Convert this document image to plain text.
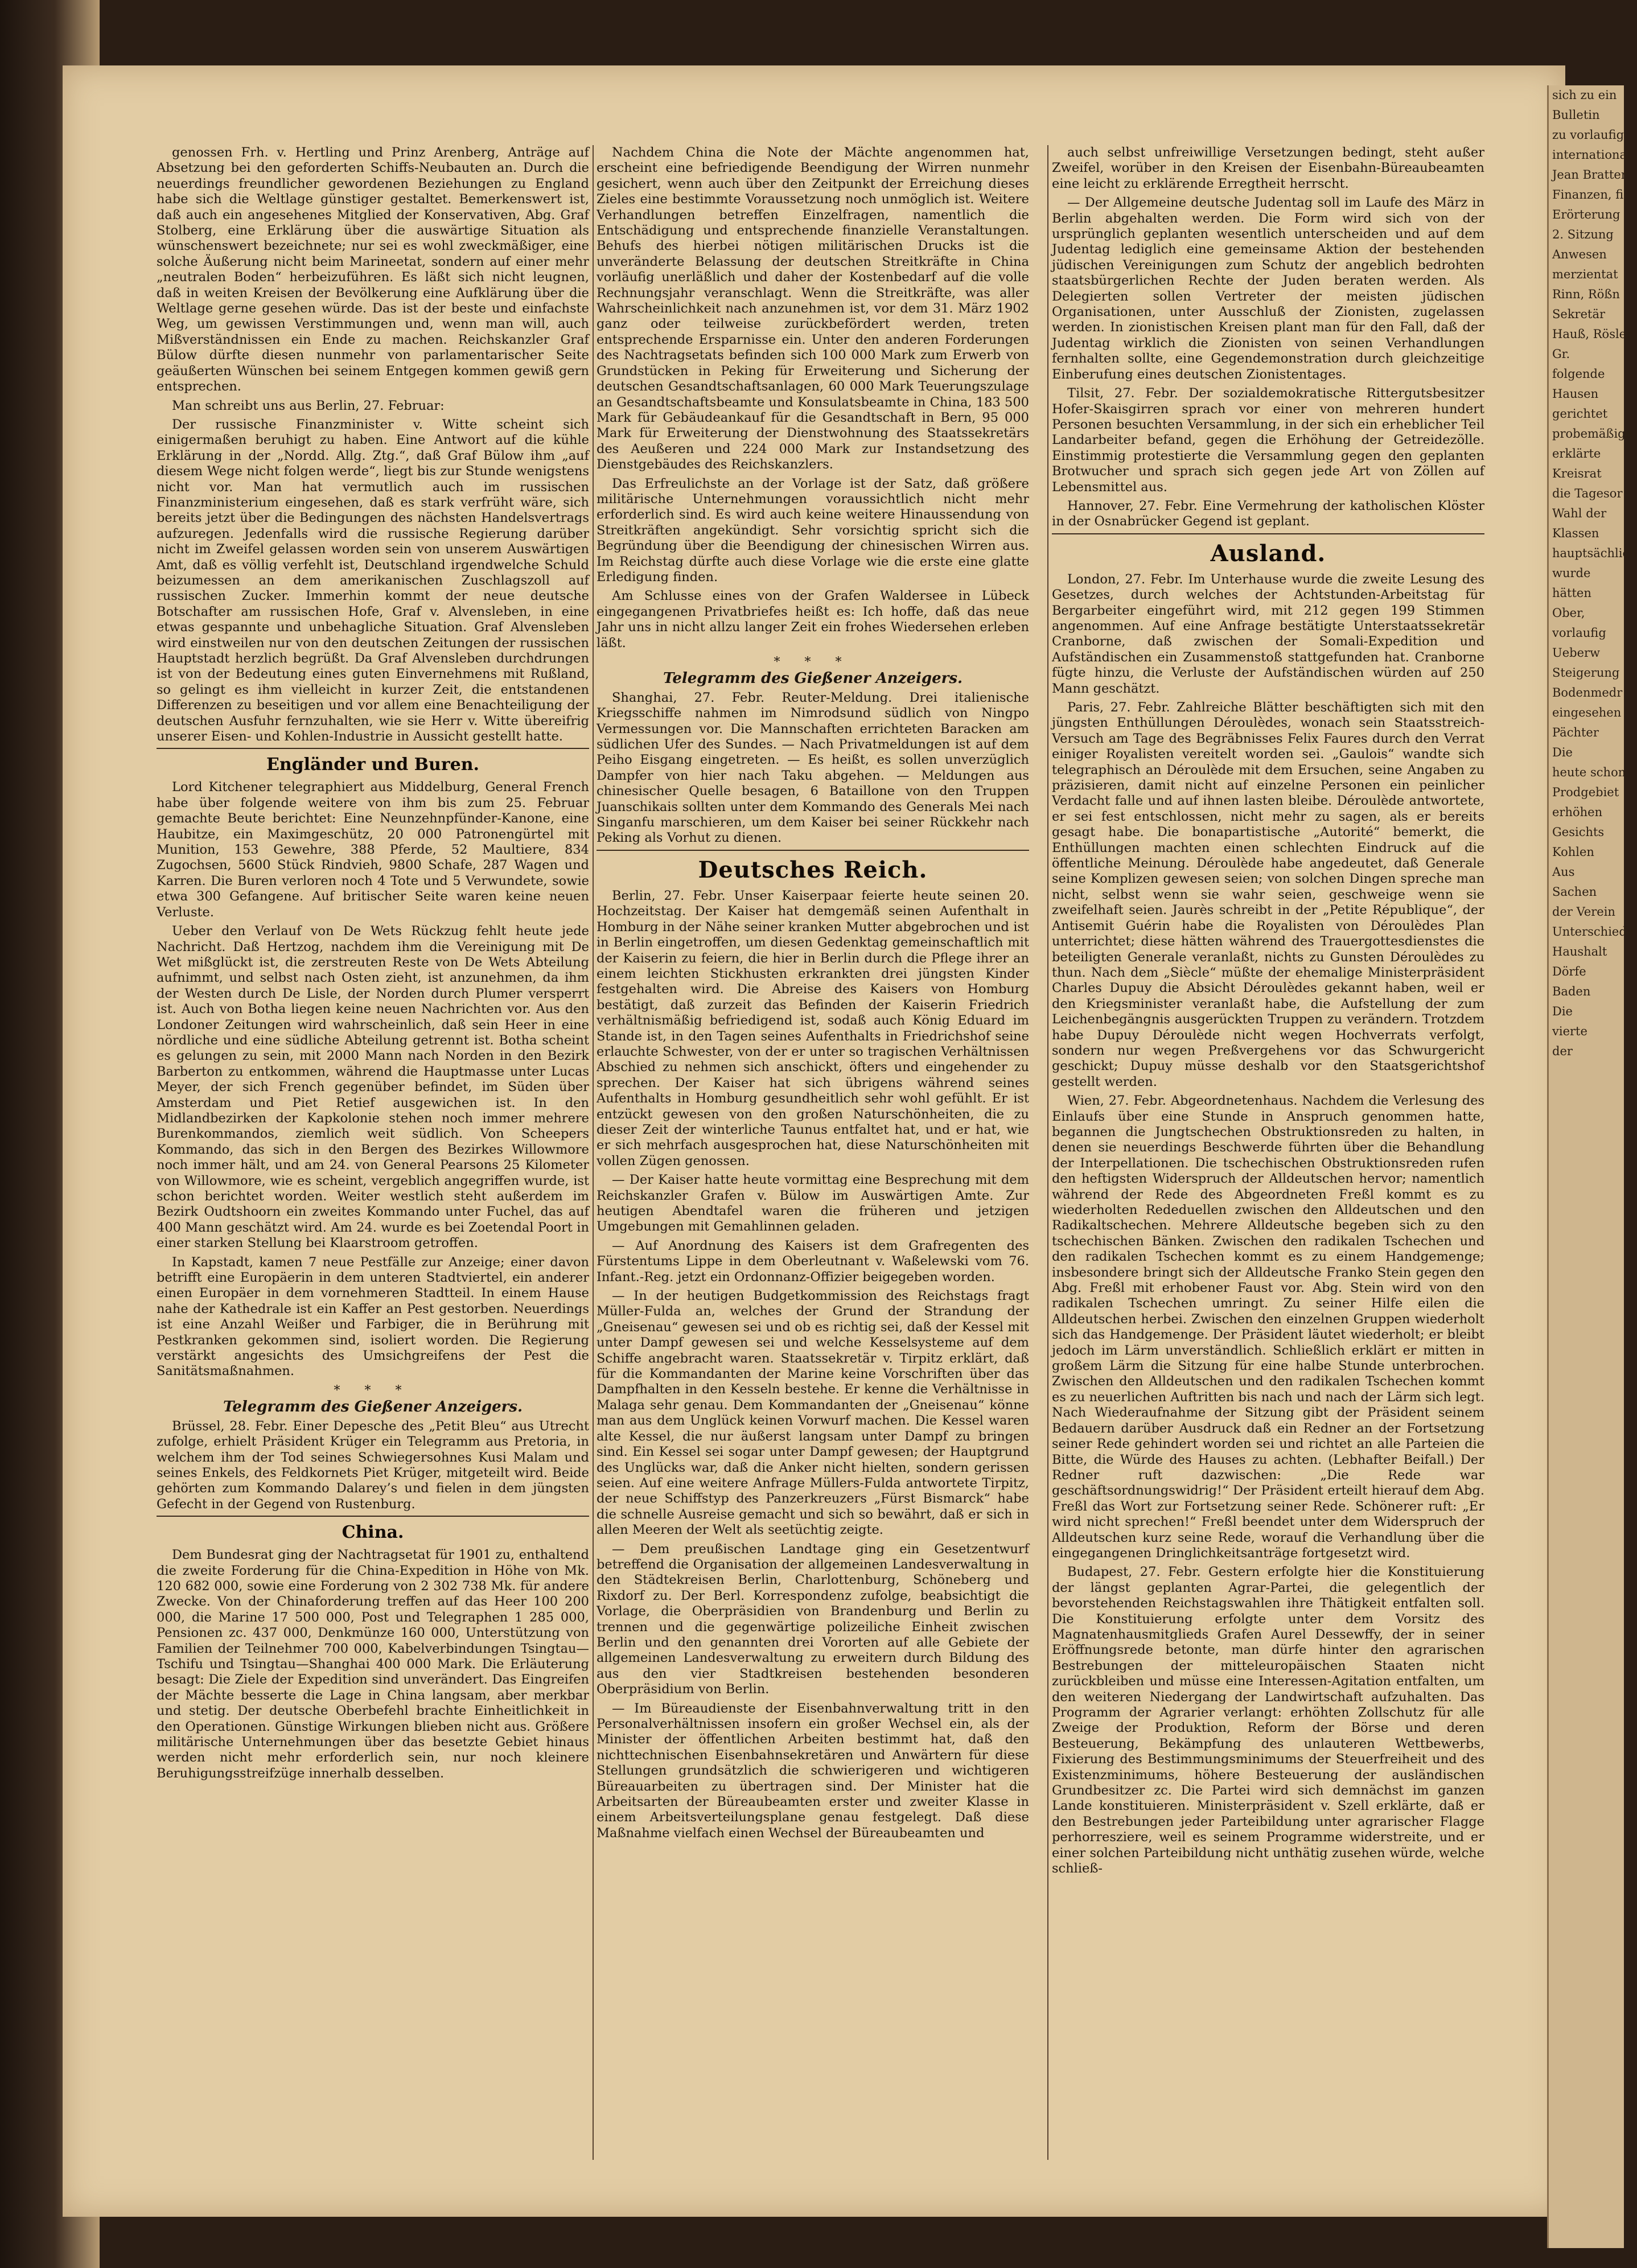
genossen Frh. v. Hertling und Prinz Arenberg, Anträge auf Absetzung bei den geforderten Schiffs-Neubauten an. Durch die neuerdings freundlicher gewordenen Beziehungen zu England habe sich die Weltlage günstiger gestaltet. Bemerkenswert ist, daß auch ein angesehenes Mitglied der Konservativen, Abg. Graf Stolberg, eine Erklärung über die auswärtige Situation als wünschenswert bezeichnete; nur sei es wohl zweckmäßiger, eine solche Äußerung nicht beim Marineetat, sondern auf einer mehr „neutralen Boden“ herbeizuführen. Es läßt sich nicht leugnen, daß in weiten Kreisen der Bevölkerung eine Aufklärung über die Weltlage gerne gesehen würde. Das ist der beste und einfachste Weg, um gewissen Verstimmungen und, wenn man will, auch Mißverständnissen ein Ende zu machen. Reichskanzler Graf Bülow dürfte diesen nunmehr von parlamentarischer Seite geäußerten Wünschen bei seinem Entgegen kommen gewiß gern entsprechen.

Man schreibt uns aus Berlin, 27. Februar:

Der russische Finanzminister v. Witte scheint sich einigermaßen beruhigt zu haben. Eine Antwort auf die kühle Erklärung in der „Nordd. Allg. Ztg.“, daß Graf Bülow ihm „auf diesem Wege nicht folgen werde“, liegt bis zur Stunde wenigstens nicht vor. Man hat vermutlich auch im russischen Finanzministerium eingesehen, daß es stark verfrüht wäre, sich bereits jetzt über die Bedingungen des nächsten Handelsvertrags aufzuregen. Jedenfalls wird die russische Regierung darüber nicht im Zweifel gelassen worden sein von unserem Auswärtigen Amt, daß es völlig verfehlt ist, Deutschland irgendwelche Schuld beizumessen an dem amerikanischen Zuschlagszoll auf russischen Zucker. Immerhin kommt der neue deutsche Botschafter am russischen Hofe, Graf v. Alvensleben, in eine etwas gespannte und unbehagliche Situation. Graf Alvensleben wird einstweilen nur von den deutschen Zeitungen der russischen Hauptstadt herzlich begrüßt. Da Graf Alvensleben durchdrungen ist von der Bedeutung eines guten Einvernehmens mit Rußland, so gelingt es ihm vielleicht in kurzer Zeit, die entstandenen Differenzen zu beseitigen und vor allem eine Benachteiligung der deutschen Ausfuhr fernzuhalten, wie sie Herr v. Witte übereifrig unserer Eisen- und Kohlen-Industrie in Aussicht gestellt hatte.

Engländer und Buren.

Lord Kitchener telegraphiert aus Middelburg, General French habe über folgende weitere von ihm bis zum 25. Februar gemachte Beute berichtet: Eine Neunzehnpfünder-Kanone, eine Haubitze, ein Maximgeschütz, 20 000 Patronengürtel mit Munition, 153 Gewehre, 388 Pferde, 52 Maultiere, 834 Zugochsen, 5600 Stück Rindvieh, 9800 Schafe, 287 Wagen und Karren. Die Buren verloren noch 4 Tote und 5 Verwundete, sowie etwa 300 Gefangene. Auf britischer Seite waren keine neuen Verluste.

Ueber den Verlauf von De Wets Rückzug fehlt heute jede Nachricht. Daß Hertzog, nachdem ihm die Vereinigung mit De Wet mißglückt ist, die zerstreuten Reste von De Wets Abteilung aufnimmt, und selbst nach Osten zieht, ist anzunehmen, da ihm der Westen durch De Lisle, der Norden durch Plumer versperrt ist. Auch von Botha liegen keine neuen Nachrichten vor. Aus den Londoner Zeitungen wird wahrscheinlich, daß sein Heer in eine nördliche und eine südliche Abteilung getrennt ist. Botha scheint es gelungen zu sein, mit 2000 Mann nach Norden in den Bezirk Barberton zu entkommen, während die Hauptmasse unter Lucas Meyer, der sich French gegenüber befindet, im Süden über Amsterdam und Piet Retief ausgewichen ist. In den Midlandbezirken der Kapkolonie stehen noch immer mehrere Burenkommandos, ziemlich weit südlich. Von Scheepers Kommando, das sich in den Bergen des Bezirkes Willowmore noch immer hält, und am 24. von General Pearsons 25 Kilometer von Willowmore, wie es scheint, vergeblich angegriffen wurde, ist schon berichtet worden. Weiter westlich steht außerdem im Bezirk Oudtshoorn ein zweites Kommando unter Fuchel, das auf 400 Mann geschätzt wird. Am 24. wurde es bei Zoetendal Poort in einer starken Stellung bei Klaarstroom getroffen.

In Kapstadt, kamen 7 neue Pestfälle zur Anzeige; einer davon betrifft eine Europäerin in dem unteren Stadtviertel, ein anderer einen Europäer in dem vornehmeren Stadtteil. In einem Hause nahe der Kathedrale ist ein Kaffer an Pest gestorben. Neuerdings ist eine Anzahl Weißer und Farbiger, die in Berührung mit Pestkranken gekommen sind, isoliert worden. Die Regierung verstärkt angesichts des Umsichgreifens der Pest die Sanitätsmaßnahmen.

* * *
Telegramm des Gießener Anzeigers.

Brüssel, 28. Febr. Einer Depesche des „Petit Bleu“ aus Utrecht zufolge, erhielt Präsident Krüger ein Telegramm aus Pretoria, in welchem ihm der Tod seines Schwiegersohnes Kusi Malam und seines Enkels, des Feldkornets Piet Krüger, mitgeteilt wird. Beide gehörten zum Kommando Dalarey’s und fielen in dem jüngsten Gefecht in der Gegend von Rustenburg.

China.

Dem Bundesrat ging der Nachtragsetat für 1901 zu, enthaltend die zweite Forderung für die China-Expedition in Höhe von Mk. 120 682 000, sowie eine Forderung von 2 302 738 Mk. für andere Zwecke. Von der Chinaforderung treffen auf das Heer 100 200 000, die Marine 17 500 000, Post und Telegraphen 1 285 000, Pensionen zc. 437 000, Denkmünze 160 000, Unterstützung von Familien der Teilnehmer 700 000, Kabelverbindungen Tsingtau—Tschifu und Tsingtau—Shanghai 400 000 Mark. Die Erläuterung besagt: Die Ziele der Expedition sind unverändert. Das Eingreifen der Mächte besserte die Lage in China langsam, aber merkbar und stetig. Der deutsche Oberbefehl brachte Einheitlichkeit in den Operationen. Günstige Wirkungen blieben nicht aus. Größere militärische Unternehmungen über das besetzte Gebiet hinaus werden nicht mehr erforderlich sein, nur noch kleinere Beruhigungsstreifzüge innerhalb desselben.

Nachdem China die Note der Mächte angenommen hat, erscheint eine befriedigende Beendigung der Wirren nunmehr gesichert, wenn auch über den Zeitpunkt der Erreichung dieses Zieles eine bestimmte Voraussetzung noch unmöglich ist. Weitere Verhandlungen betreffen Einzelfragen, namentlich die Entschädigung und entsprechende finanzielle Veranstaltungen. Behufs des hierbei nötigen militärischen Drucks ist die unveränderte Belassung der deutschen Streitkräfte in China vorläufig unerläßlich und daher der Kostenbedarf auf die volle Rechnungsjahr veranschlagt. Wenn die Streitkräfte, was aller Wahrscheinlichkeit nach anzunehmen ist, vor dem 31. März 1902 ganz oder teilweise zurückbefördert werden, treten entsprechende Ersparnisse ein. Unter den anderen Forderungen des Nachtragsetats befinden sich 100 000 Mark zum Erwerb von Grundstücken in Peking für Erweiterung und Sicherung der deutschen Gesandtschaftsanlagen, 60 000 Mark Teuerungszulage an Gesandtschaftsbeamte und Konsulatsbeamte in China, 183 500 Mark für Gebäudeankauf für die Gesandtschaft in Bern, 95 000 Mark für Erweiterung der Dienstwohnung des Staatssekretärs des Aeußeren und 224 000 Mark zur Instandsetzung des Dienstgebäudes des Reichskanzlers.

Das Erfreulichste an der Vorlage ist der Satz, daß größere militärische Unternehmungen voraussichtlich nicht mehr erforderlich sind. Es wird auch keine weitere Hinaussendung von Streitkräften angekündigt. Sehr vorsichtig spricht sich die Begründung über die Beendigung der chinesischen Wirren aus. Im Reichstag dürfte auch diese Vorlage wie die erste eine glatte Erledigung finden.

Am Schlusse eines von der Grafen Waldersee in Lübeck eingegangenen Privatbriefes heißt es: Ich hoffe, daß das neue Jahr uns in nicht allzu langer Zeit ein frohes Wiedersehen erleben läßt.

* * *
Telegramm des Gießener Anzeigers.

Shanghai, 27. Febr. Reuter-Meldung. Drei italienische Kriegsschiffe nahmen im Nimrodsund südlich von Ningpo Vermessungen vor. Die Mannschaften errichteten Baracken am südlichen Ufer des Sundes. — Nach Privatmeldungen ist auf dem Peiho Eisgang eingetreten. — Es heißt, es sollen unverzüglich Dampfer von hier nach Taku abgehen. — Meldungen aus chinesischer Quelle besagen, 6 Bataillone von den Truppen Juanschikais sollten unter dem Kommando des Generals Mei nach Singanfu marschieren, um dem Kaiser bei seiner Rückkehr nach Peking als Vorhut zu dienen.

Deutsches Reich.

Berlin, 27. Febr. Unser Kaiserpaar feierte heute seinen 20. Hochzeitstag. Der Kaiser hat demgemäß seinen Aufenthalt in Homburg in der Nähe seiner kranken Mutter abgebrochen und ist in Berlin eingetroffen, um diesen Gedenktag gemeinschaftlich mit der Kaiserin zu feiern, die hier in Berlin durch die Pflege ihrer an einem leichten Stickhusten erkrankten drei jüngsten Kinder festgehalten wird. Die Abreise des Kaisers von Homburg bestätigt, daß zurzeit das Befinden der Kaiserin Friedrich verhältnismäßig befriedigend ist, sodaß auch König Eduard im Stande ist, in den Tagen seines Aufenthalts in Friedrichshof seine erlauchte Schwester, von der er unter so tragischen Verhältnissen Abschied zu nehmen sich anschickt, öfters und eingehender zu sprechen. Der Kaiser hat sich übrigens während seines Aufenthalts in Homburg gesundheitlich sehr wohl gefühlt. Er ist entzückt gewesen von den großen Naturschönheiten, die zu dieser Zeit der winterliche Taunus entfaltet hat, und er hat, wie er sich mehrfach ausgesprochen hat, diese Naturschönheiten mit vollen Zügen genossen.

— Der Kaiser hatte heute vormittag eine Besprechung mit dem Reichskanzler Grafen v. Bülow im Auswärtigen Amte. Zur heutigen Abendtafel waren die früheren und jetzigen Umgebungen mit Gemahlinnen geladen.

— Auf Anordnung des Kaisers ist dem Grafregenten des Fürstentums Lippe in dem Oberleutnant v. Waßelewski vom 76. Infant.-Reg. jetzt ein Ordonnanz-Offizier beigegeben worden.

— In der heutigen Budgetkommission des Reichstags fragt Müller-Fulda an, welches der Grund der Strandung der „Gneisenau“ gewesen sei und ob es richtig sei, daß der Kessel mit unter Dampf gewesen sei und welche Kesselsysteme auf dem Schiffe angebracht waren. Staatssekretär v. Tirpitz erklärt, daß für die Kommandanten der Marine keine Vorschriften über das Dampfhalten in den Kesseln bestehe. Er kenne die Verhältnisse in Malaga sehr genau. Dem Kommandanten der „Gneisenau“ könne man aus dem Unglück keinen Vorwurf machen. Die Kessel waren alte Kessel, die nur äußerst langsam unter Dampf zu bringen sind. Ein Kessel sei sogar unter Dampf gewesen; der Hauptgrund des Unglücks war, daß die Anker nicht hielten, sondern gerissen seien. Auf eine weitere Anfrage Müllers-Fulda antwortete Tirpitz, der neue Schiffstyp des Panzerkreuzers „Fürst Bismarck“ habe die schnelle Ausreise gemacht und sich so bewährt, daß er sich in allen Meeren der Welt als seetüchtig zeigte.

— Dem preußischen Landtage ging ein Gesetzentwurf betreffend die Organisation der allgemeinen Landesverwaltung in den Städtekreisen Berlin, Charlottenburg, Schöneberg und Rixdorf zu. Der Berl. Korrespondenz zufolge, beabsichtigt die Vorlage, die Oberpräsidien von Brandenburg und Berlin zu trennen und die gegenwärtige polizeiliche Einheit zwischen Berlin und den genannten drei Vororten auf alle Gebiete der allgemeinen Landesverwaltung zu erweitern durch Bildung des aus den vier Stadtkreisen bestehenden besonderen Oberpräsidium von Berlin.

— Im Büreaudienste der Eisenbahnverwaltung tritt in den Personalverhältnissen insofern ein großer Wechsel ein, als der Minister der öffentlichen Arbeiten bestimmt hat, daß den nichttechnischen Eisenbahnsekretären und Anwärtern für diese Stellungen grundsätzlich die schwierigeren und wichtigeren Büreauarbeiten zu übertragen sind. Der Minister hat die Arbeitsarten der Büreaubeamten erster und zweiter Klasse in einem Arbeitsverteilungsplane genau festgelegt. Daß diese Maßnahme vielfach einen Wechsel der Büreaubeamten und

auch selbst unfreiwillige Versetzungen bedingt, steht außer Zweifel, worüber in den Kreisen der Eisenbahn-Büreaubeamten eine leicht zu erklärende Erregtheit herrscht.

— Der Allgemeine deutsche Judentag soll im Laufe des März in Berlin abgehalten werden. Die Form wird sich von der ursprünglich geplanten wesentlich unterscheiden und auf dem Judentag lediglich eine gemeinsame Aktion der bestehenden jüdischen Vereinigungen zum Schutz der angeblich bedrohten staatsbürgerlichen Rechte der Juden beraten werden. Als Delegierten sollen Vertreter der meisten jüdischen Organisationen, unter Ausschluß der Zionisten, zugelassen werden. In zionistischen Kreisen plant man für den Fall, daß der Judentag wirklich die Zionisten von seinen Verhandlungen fernhalten sollte, eine Gegendemonstration durch gleichzeitige Einberufung eines deutschen Zionistentages.

Tilsit, 27. Febr. Der sozialdemokratische Rittergutsbesitzer Hofer-Skaisgirren sprach vor einer von mehreren hundert Personen besuchten Versammlung, in der sich ein erheblicher Teil Landarbeiter befand, gegen die Erhöhung der Getreidezölle. Einstimmig protestierte die Versammlung gegen den geplanten Brotwucher und sprach sich gegen jede Art von Zöllen auf Lebensmittel aus.

Hannover, 27. Febr. Eine Vermehrung der katholischen Klöster in der Osnabrücker Gegend ist geplant.

Ausland.

London, 27. Febr. Im Unterhause wurde die zweite Lesung des Gesetzes, durch welches der Achtstunden-Arbeitstag für Bergarbeiter eingeführt wird, mit 212 gegen 199 Stimmen angenommen. Auf eine Anfrage bestätigte Unterstaatssekretär Cranborne, daß zwischen der Somali-Expedition und Aufständischen ein Zusammenstoß stattgefunden hat. Cranborne fügte hinzu, die Verluste der Aufständischen würden auf 250 Mann geschätzt.

Paris, 27. Febr. Zahlreiche Blätter beschäftigten sich mit den jüngsten Enthüllungen Déroulèdes, wonach sein Staatsstreich-Versuch am Tage des Begräbnisses Felix Faures durch den Verrat einiger Royalisten vereitelt worden sei. „Gaulois“ wandte sich telegraphisch an Déroulède mit dem Ersuchen, seine Angaben zu präzisieren, damit nicht auf einzelne Personen ein peinlicher Verdacht falle und auf ihnen lasten bleibe. Déroulède antwortete, er sei fest entschlossen, nicht mehr zu sagen, als er bereits gesagt habe. Die bonapartistische „Autorité“ bemerkt, die Enthüllungen machten einen schlechten Eindruck auf die öffentliche Meinung. Déroulède habe angedeutet, daß Generale seine Komplizen gewesen seien; von solchen Dingen spreche man nicht, selbst wenn sie wahr seien, geschweige wenn sie zweifelhaft seien. Jaurès schreibt in der „Petite République“, der Antisemit Guérin habe die Royalisten von Déroulèdes Plan unterrichtet; diese hätten während des Trauergottesdienstes die beteiligten Generale veranlaßt, nichts zu Gunsten Déroulèdes zu thun. Nach dem „Siècle“ müßte der ehemalige Ministerpräsident Charles Dupuy die Absicht Déroulèdes gekannt haben, weil er den Kriegsminister veranlaßt habe, die Aufstellung der zum Leichenbegängnis ausgerückten Truppen zu verändern. Trotzdem habe Dupuy Déroulède nicht wegen Hochverrats verfolgt, sondern nur wegen Preßvergehens vor das Schwurgericht geschickt; Dupuy müsse deshalb vor den Staatsgerichtshof gestellt werden.

Wien, 27. Febr. Abgeordnetenhaus. Nachdem die Verlesung des Einlaufs über eine Stunde in Anspruch genommen hatte, begannen die Jungtschechen Obstruktionsreden zu halten, in denen sie neuerdings Beschwerde führten über die Behandlung der Interpellationen. Die tschechischen Obstruktionsreden rufen den heftigsten Widerspruch der Alldeutschen hervor; namentlich während der Rede des Abgeordneten Freßl kommt es zu wiederholten Rededuellen zwischen den Alldeutschen und den Radikaltschechen. Mehrere Alldeutsche begeben sich zu den tschechischen Bänken. Zwischen den radikalen Tschechen und den radikalen Tschechen kommt es zu einem Handgemenge; insbesondere bringt sich der Alldeutsche Franko Stein gegen den Abg. Freßl mit erhobener Faust vor. Abg. Stein wird von den radikalen Tschechen umringt. Zu seiner Hilfe eilen die Alldeutschen herbei. Zwischen den einzelnen Gruppen wiederholt sich das Handgemenge. Der Präsident läutet wiederholt; er bleibt jedoch im Lärm unverständlich. Schließlich erklärt er mitten in großem Lärm die Sitzung für eine halbe Stunde unterbrochen. Zwischen den Alldeutschen und den radikalen Tschechen kommt es zu neuerlichen Auftritten bis nach und nach der Lärm sich legt. Nach Wiederaufnahme der Sitzung gibt der Präsident seinem Bedauern darüber Ausdruck daß ein Redner an der Fortsetzung seiner Rede gehindert worden sei und richtet an alle Parteien die Bitte, die Würde des Hauses zu achten. (Lebhafter Beifall.) Der Redner ruft dazwischen: „Die Rede war geschäftsordnungswidrig!“ Der Präsident erteilt hierauf dem Abg. Freßl das Wort zur Fortsetzung seiner Rede. Schönerer ruft: „Er wird nicht sprechen!“ Freßl beendet unter dem Widerspruch der Alldeutschen kurz seine Rede, worauf die Verhandlung über die eingegangenen Dringlichkeitsanträge fortgesetzt wird.

Budapest, 27. Febr. Gestern erfolgte hier die Konstituierung der längst geplanten Agrar-Partei, die gelegentlich der bevorstehenden Reichstagswahlen ihre Thätigkeit entfalten soll. Die Konstituierung erfolgte unter dem Vorsitz des Magnatenhausmitglieds Grafen Aurel Dessewffy, der in seiner Eröffnungsrede betonte, man dürfe hinter den agrarischen Bestrebungen der mitteleuropäischen Staaten nicht zurückbleiben und müsse eine Interessen-Agitation entfalten, um den weiteren Niedergang der Landwirtschaft aufzuhalten. Das Programm der Agrarier verlangt: erhöhten Zollschutz für alle Zweige der Produktion, Reform der Börse und deren Besteuerung, Bekämpfung des unlauteren Wettbewerbs, Fixierung des Bestimmungsminimums der Steuerfreiheit und des Existenzminimums, höhere Besteuerung der ausländischen Grundbesitzer zc. Die Partei wird sich demnächst im ganzen Lande konstituieren. Ministerpräsident v. Szell erklärte, daß er den Bestrebungen jeder Parteibildung unter agrarischer Flagge perhorresziere, weil es seinem Programme widerstreite, und er einer solchen Parteibildung nicht unthätig zusehen würde, welche schließ-

sich zu ein
Bulletin
zu vorlaufig
international
Jean Bratter
Finanzen, fi
Erörterung
2. Sitzung
Anwesen
merzientat
Rinn, Rößn
Sekretär
Hauß, Rösler
Gr.
folgende
Hausen
gerichtet
probemäßige
erklärte
Kreisrat
die Tagesor
Wahl der
Klassen
hauptsächlich
wurde
hätten
Ober,
vorlaufig
Ueberw
Steigerung
Bodenmedr
eingesehen
Pächter
Die
heute schon
Prodgebiet
erhöhen
Gesichts
Kohlen
Aus
Sachen
der Verein
Unterschiede
Haushalt
Dörfe
Baden
Die
vierte
der
